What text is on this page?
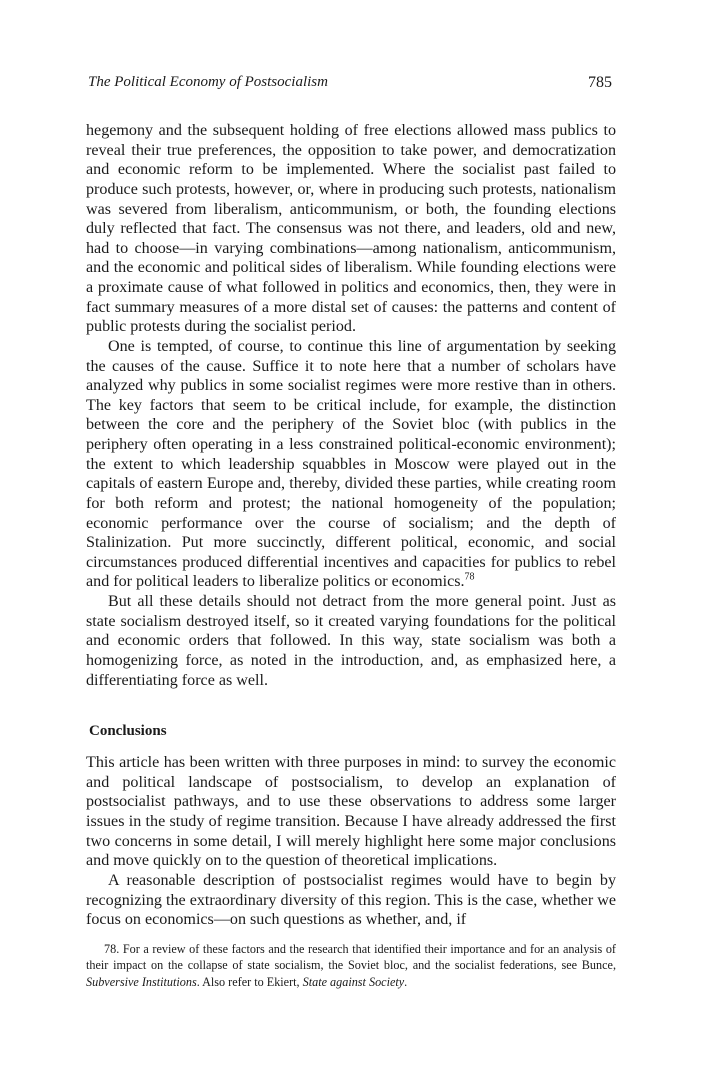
The Political Economy of Postsocialism	785

hegemony and the subsequent holding of free elections allowed mass publics to reveal their true preferences, the opposition to take power, and democratization and economic reform to be implemented. Where the socialist past failed to produce such protests, however, or, where in producing such protests, nationalism was severed from liberalism, anticommunism, or both, the founding elections duly reflected that fact. The consensus was not there, and leaders, old and new, had to choose—in varying combinations—among nationalism, anticommunism, and the economic and political sides of liberalism. While founding elections were a proximate cause of what followed in politics and economics, then, they were in fact summary measures of a more distal set of causes: the patterns and content of public protests during the socialist period.

One is tempted, of course, to continue this line of argumentation by seeking the causes of the cause. Suffice it to note here that a number of scholars have analyzed why publics in some socialist regimes were more restive than in others. The key factors that seem to be critical include, for example, the distinction between the core and the periphery of the Soviet bloc (with publics in the periphery often operating in a less constrained political-economic environment); the extent to which leadership squabbles in Moscow were played out in the capitals of eastern Europe and, thereby, divided these parties, while creating room for both reform and protest; the national homogeneity of the population; economic performance over the course of socialism; and the depth of Stalinization. Put more succinctly, different political, economic, and social circumstances produced differential incentives and capacities for publics to rebel and for political leaders to liberalize politics or economics.$^{78}$

But all these details should not detract from the more general point. Just as state socialism destroyed itself, so it created varying foundations for the political and economic orders that followed. In this way, state socialism was both a homogenizing force, as noted in the introduction, and, as emphasized here, a differentiating force as well.

Conclusions

This article has been written with three purposes in mind: to survey the economic and political landscape of postsocialism, to develop an explanation of postsocialist pathways, and to use these observations to address some larger issues in the study of regime transition. Because I have already addressed the first two concerns in some detail, I will merely highlight here some major conclusions and move quickly on to the question of theoretical implications.

A reasonable description of postsocialist regimes would have to begin by recognizing the extraordinary diversity of this region. This is the case, whether we focus on economics—on such questions as whether, and, if

78. For a review of these factors and the research that identified their importance and for an analysis of their impact on the collapse of state socialism, the Soviet bloc, and the socialist federations, see Bunce, Subversive Institutions. Also refer to Ekiert, State against Society.
